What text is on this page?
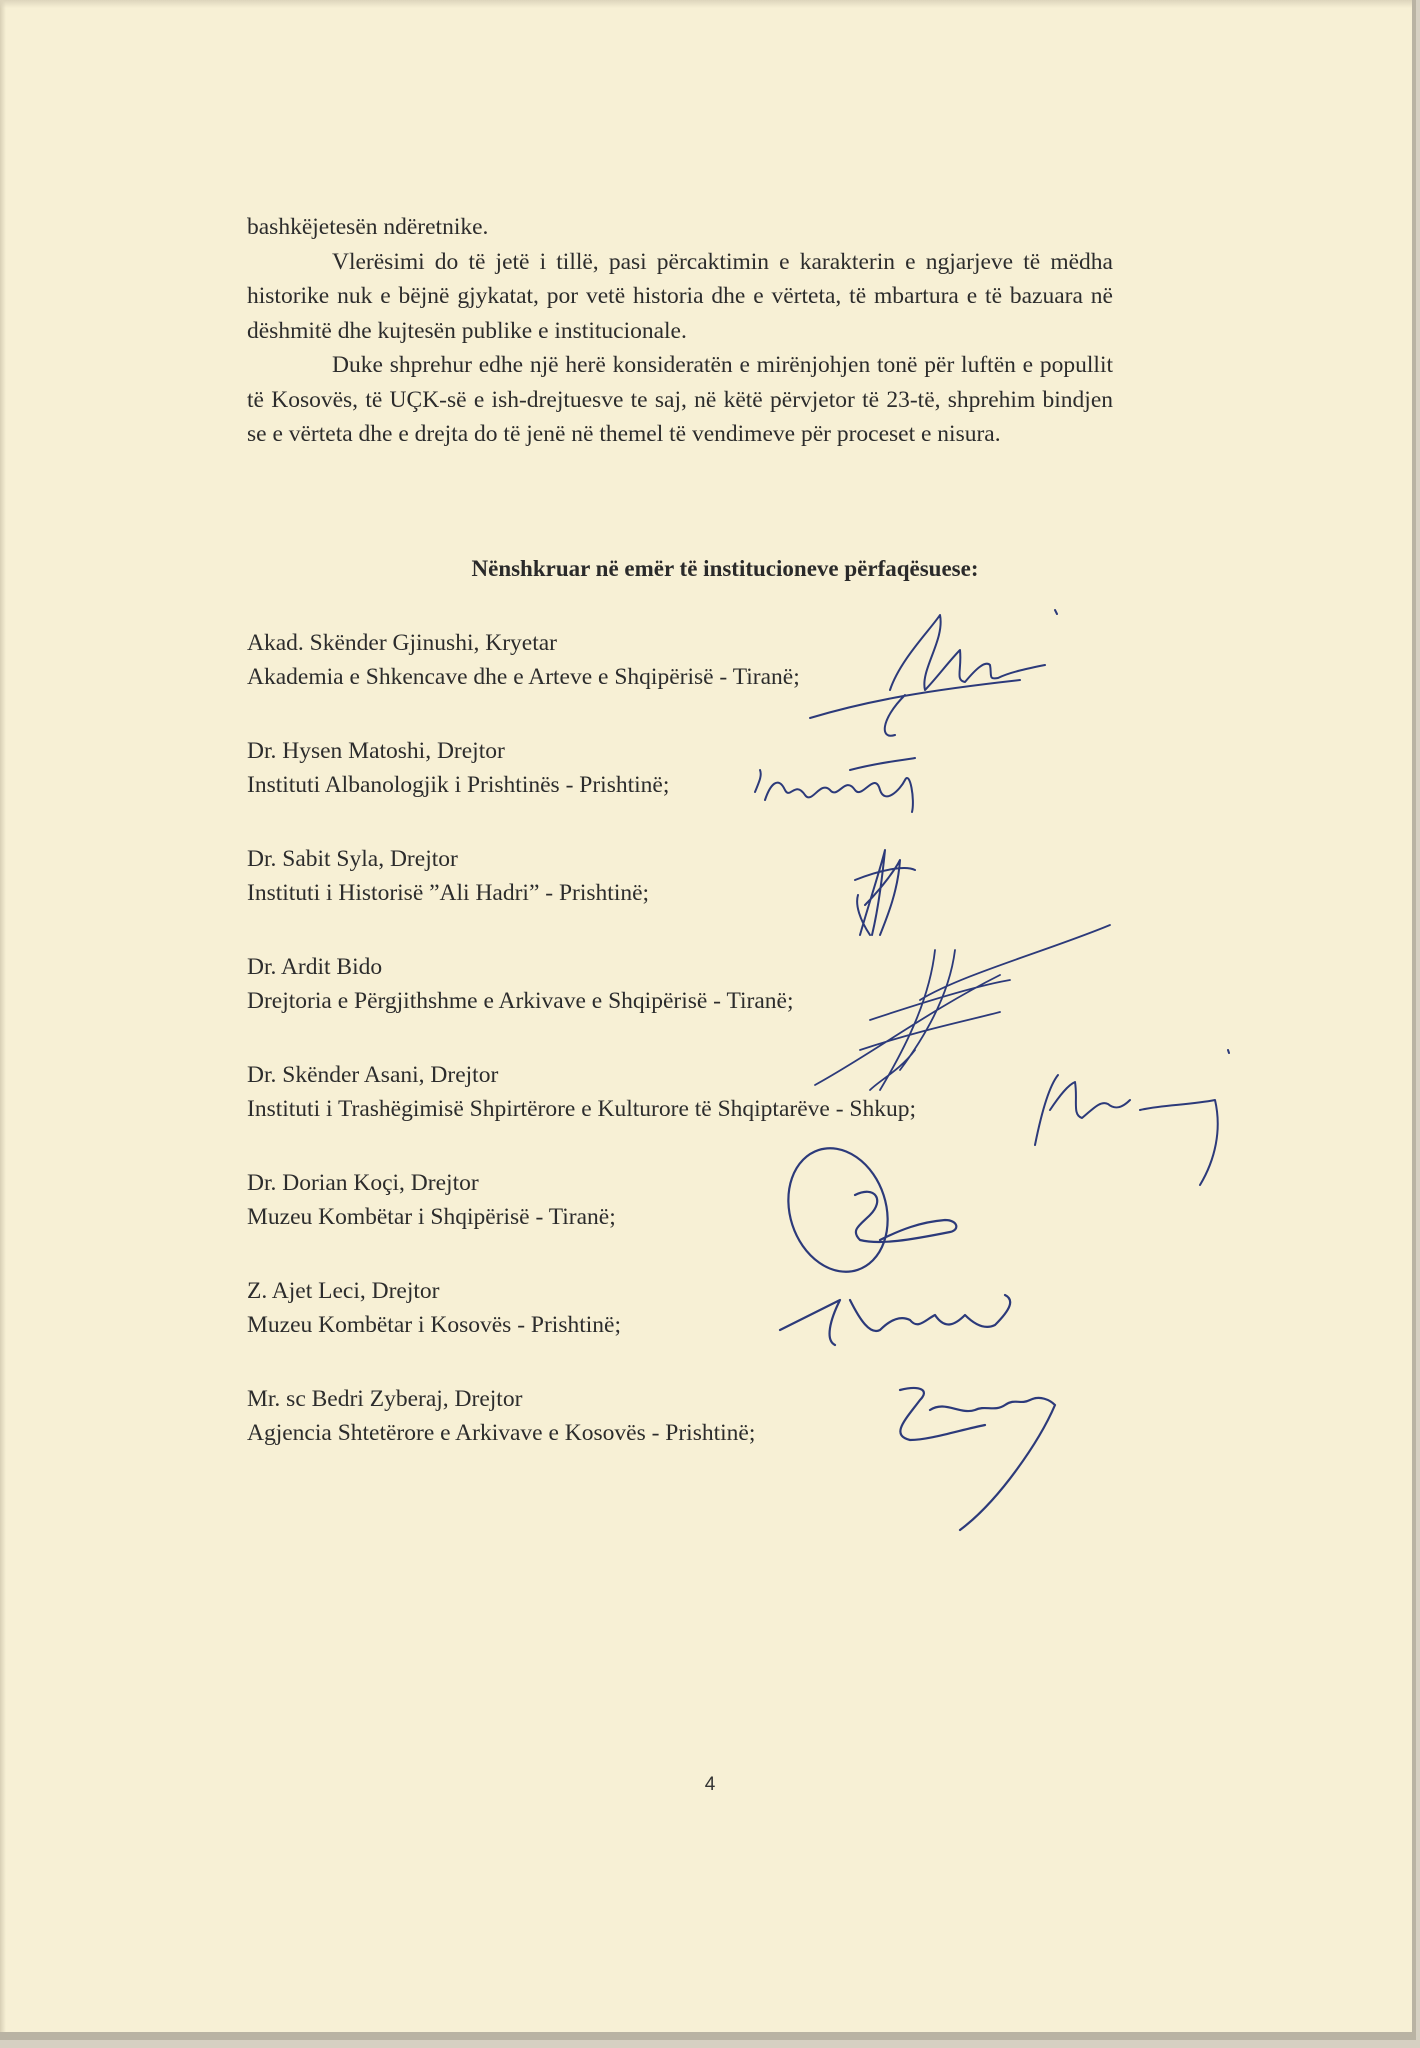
bashkëjetesën ndëretnike.

Vlerësimi do të jetë i tillë, pasi përcaktimin e karakterin e ngjarjeve të mëdha historike nuk e bëjnë gjykatat, por vetë historia dhe e vërteta, të mbartura e të bazuara në dëshmitë dhe kujtesën publike e institucionale.

Duke shprehur edhe një herë konsideratën e mirënjohjen tonë për luftën e popullit të Kosovës, të UÇK-së e ish-drejtuesve te saj, në këtë përvjetor të 23-të, shprehim bindjen se e vërteta dhe e drejta do të jenë në themel të vendimeve për proceset e nisura.

Nënshkruar në emër të institucioneve përfaqësuese:
Akad. Skënder Gjinushi, Kryetar
Akademia e Shkencave dhe e Arteve e Shqipërisë - Tiranë;
Dr. Hysen Matoshi, Drejtor
Instituti Albanologjik i Prishtinës - Prishtinë;
Dr. Sabit Syla, Drejtor
Instituti i Historisë ”Ali Hadri” - Prishtinë;
Dr. Ardit Bido
Drejtoria e Përgjithshme e Arkivave e Shqipërisë - Tiranë;
Dr. Skënder Asani, Drejtor
Instituti i Trashëgimisë Shpirtërore e Kulturore të Shqiptarëve - Shkup;
Dr. Dorian Koçi, Drejtor
Muzeu Kombëtar i Shqipërisë - Tiranë;
Z. Ajet Leci, Drejtor
Muzeu Kombëtar i Kosovës - Prishtinë;
Mr. sc Bedri Zyberaj, Drejtor
Agjencia Shtetërore e Arkivave e Kosovës - Prishtinë;
4
